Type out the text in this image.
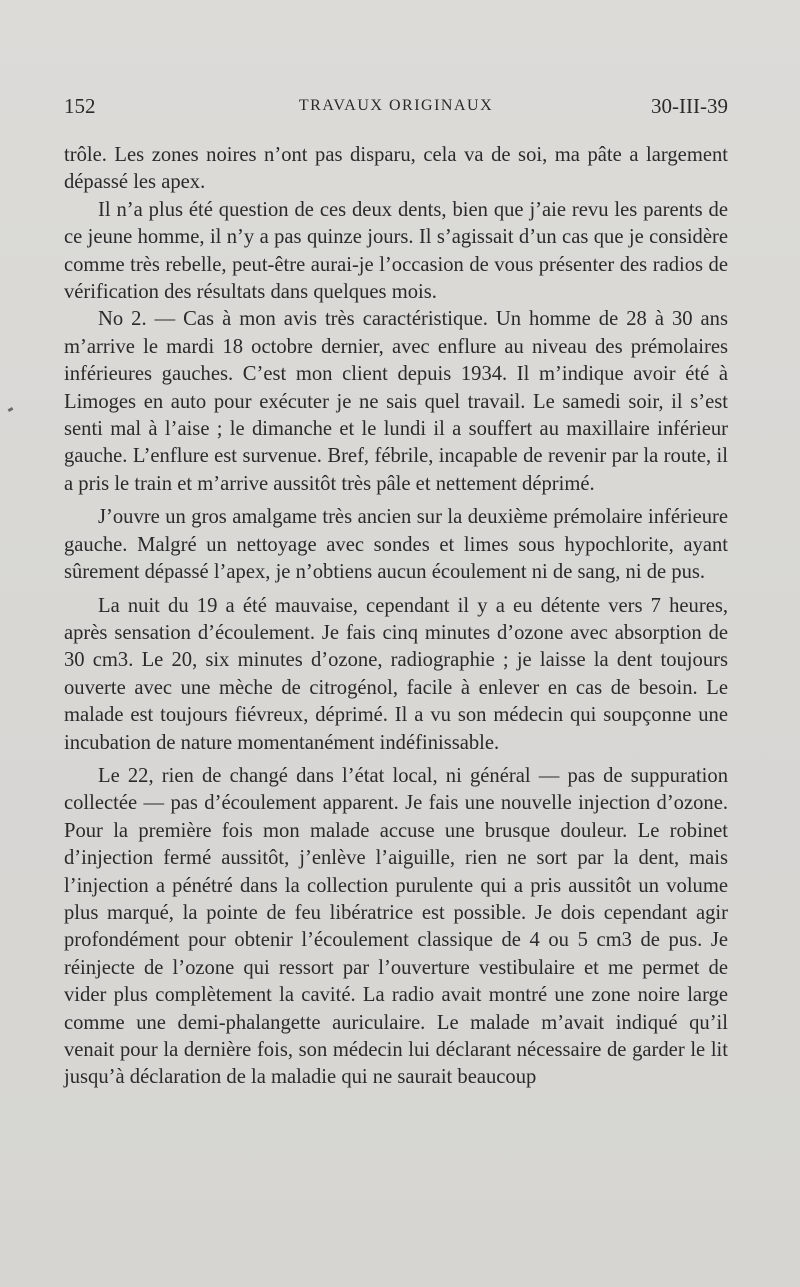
152	TRAVAUX ORIGINAUX	30-III-39

trôle. Les zones noires n’ont pas disparu, cela va de soi, ma pâte a largement dépassé les apex.

Il n’a plus été question de ces deux dents, bien que j’aie revu les parents de ce jeune homme, il n’y a pas quinze jours. Il s’agissait d’un cas que je considère comme très rebelle, peut-être aurai-je l’occasion de vous présenter des radios de vérification des résultats dans quelques mois.

No 2. — Cas à mon avis très caractéristique. Un homme de 28 à 30 ans m’arrive le mardi 18 octobre dernier, avec enflure au niveau des prémolaires inférieures gauches. C’est mon client depuis 1934. Il m’indique avoir été à Limoges en auto pour exécuter je ne sais quel travail. Le samedi soir, il s’est senti mal à l’aise ; le dimanche et le lundi il a souffert au maxillaire inférieur gauche. L’enflure est survenue. Bref, fébrile, incapable de revenir par la route, il a pris le train et m’arrive aussitôt très pâle et nettement déprimé.

J’ouvre un gros amalgame très ancien sur la deuxième prémolaire inférieure gauche. Malgré un nettoyage avec sondes et limes sous hypochlorite, ayant sûrement dépassé l’apex, je n’obtiens aucun écoulement ni de sang, ni de pus.

La nuit du 19 a été mauvaise, cependant il y a eu détente vers 7 heures, après sensation d’écoulement. Je fais cinq minutes d’ozone avec absorption de 30 cm3. Le 20, six minutes d’ozone, radiographie ; je laisse la dent toujours ouverte avec une mèche de citrogénol, facile à enlever en cas de besoin. Le malade est toujours fiévreux, déprimé. Il a vu son médecin qui soupçonne une incubation de nature momentanément indéfinissable.

Le 22, rien de changé dans l’état local, ni général — pas de suppuration collectée — pas d’écoulement apparent. Je fais une nouvelle injection d’ozone. Pour la première fois mon malade accuse une brusque douleur. Le robinet d’injection fermé aussitôt, j’enlève l’aiguille, rien ne sort par la dent, mais l’injection a pénétré dans la collection purulente qui a pris aussitôt un volume plus marqué, la pointe de feu libératrice est possible. Je dois cependant agir profondément pour obtenir l’écoulement classique de 4 ou 5 cm3 de pus. Je réinjecte de l’ozone qui ressort par l’ouverture vestibulaire et me permet de vider plus complètement la cavité. La radio avait montré une zone noire large comme une demi-phalangette auriculaire. Le malade m’avait indiqué qu’il venait pour la dernière fois, son médecin lui déclarant nécessaire de garder le lit jusqu’à déclaration de la maladie qui ne saurait beaucoup
